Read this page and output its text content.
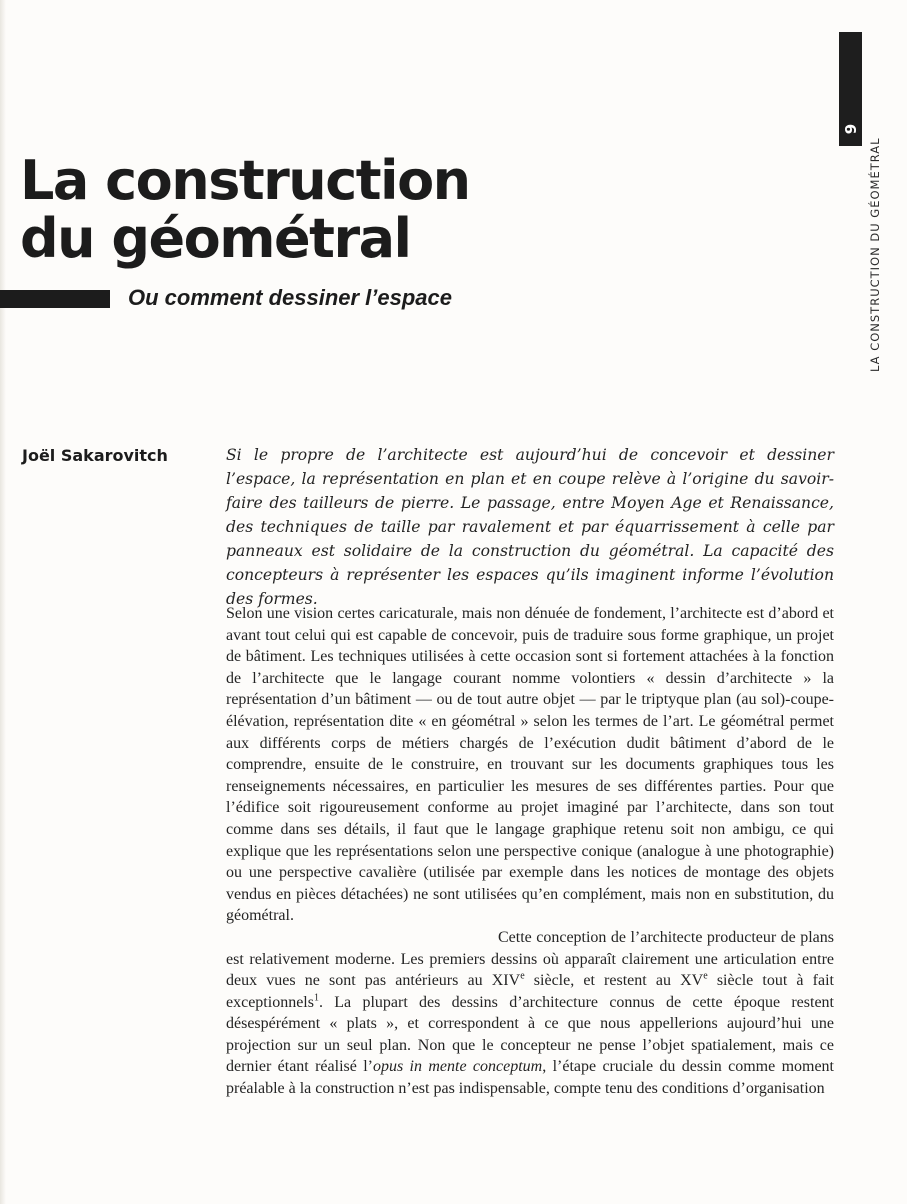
9
LA CONSTRUCTION DU GÉOMÉTRAL
La construction
du géométral
Ou comment dessiner l’espace
Joël Sakarovitch	Si le propre de l’architecte est aujourd’hui de concevoir et dessiner l’espace, la représentation en plan et en coupe relève à l’origine du savoir-faire des tailleurs de pierre. Le passage, entre Moyen Age et Renaissance, des techniques de taille par ravalement et par équarrissement à celle par panneaux est solidaire de la construction du géométral. La capacité des concepteurs à représenter les espaces qu’ils imaginent informe l’évolution des formes.

Selon une vision certes caricaturale, mais non dénuée de fondement, l’architecte est d’abord et avant tout celui qui est capable de concevoir, puis de traduire sous forme graphique, un projet de bâtiment. Les techniques utilisées à cette occasion sont si fortement attachées à la fonction de l’architecte que le langage courant nomme volontiers « dessin d’architecte » la représentation d’un bâtiment — ou de tout autre objet — par le triptyque plan (au sol)-coupe-élévation, représentation dite « en géométral » selon les termes de l’art. Le géométral permet aux différents corps de métiers chargés de l’exécution dudit bâtiment d’abord de le comprendre, ensuite de le construire, en trouvant sur les documents graphiques tous les renseignements nécessaires, en particulier les mesures de ses différentes parties. Pour que l’édifice soit rigoureusement conforme au projet imaginé par l’architecte, dans son tout comme dans ses détails, il faut que le langage graphique retenu soit non ambigu, ce qui explique que les représentations selon une perspective conique (analogue à une photographie) ou une perspective cavalière (utilisée par exemple dans les notices de montage des objets vendus en pièces détachées) ne sont utilisées qu’en complément, mais non en substitution, du géométral.

Cette conception de l’architecte producteur de plans est relativement moderne. Les premiers dessins où apparaît clairement une articulation entre deux vues ne sont pas antérieurs au XIVe siècle, et restent au XVe siècle tout à fait exceptionnels$^1$. La plupart des dessins d’architecture connus de cette époque restent désespérément « plats », et correspondent à ce que nous appellerions aujourd’hui une projection sur un seul plan. Non que le concepteur ne pense l’objet spatialement, mais ce dernier étant réalisé l’opus in mente conceptum, l’étape cruciale du dessin comme moment préalable à la construction n’est pas indispensable, compte tenu des conditions d’organisation
